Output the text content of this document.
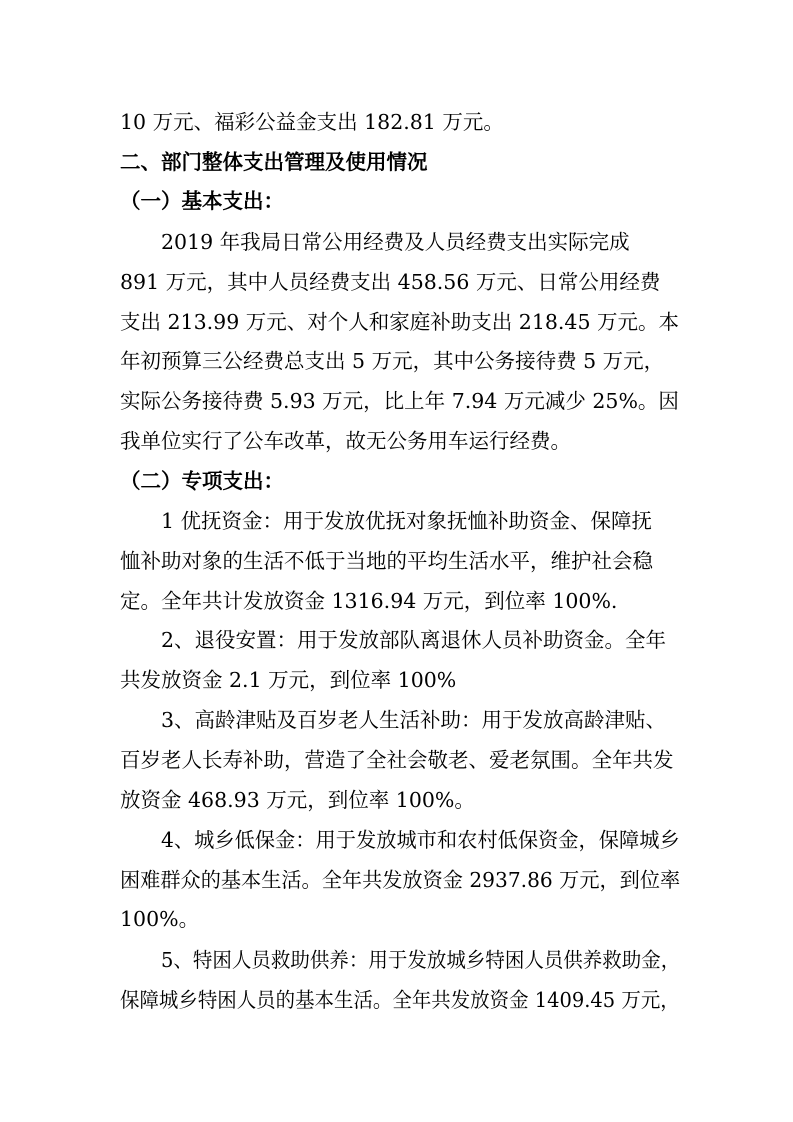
10 万元、福彩公益金支出 182.81 万元。
二、部门整体支出管理及使用情况
（一）基本支出：
2019 年我局日常公用经费及人员经费支出实际完成
891 万元，其中人员经费支出 458.56 万元、日常公用经费
支出 213.99 万元、对个人和家庭补助支出 218.45 万元。本
年初预算三公经费总支出 5 万元，其中公务接待费 5 万元，
实际公务接待费 5.93 万元，比上年 7.94 万元减少 25%。因
我单位实行了公车改革，故无公务用车运行经费。
（二）专项支出：
1 优抚资金：用于发放优抚对象抚恤补助资金、保障抚
恤补助对象的生活不低于当地的平均生活水平，维护社会稳
定。全年共计发放资金 1316.94 万元，到位率 100%.
2、退役安置：用于发放部队离退休人员补助资金。全年
共发放资金 2.1 万元，到位率 100%
3、高龄津贴及百岁老人生活补助：用于发放高龄津贴、
百岁老人长寿补助，营造了全社会敬老、爱老氛围。全年共发
放资金 468.93 万元，到位率 100%。
4、城乡低保金：用于发放城市和农村低保资金，保障城乡
困难群众的基本生活。全年共发放资金 2937.86 万元，到位率
100%。
5、特困人员救助供养：用于发放城乡特困人员供养救助金，
保障城乡特困人员的基本生活。全年共发放资金 1409.45 万元，
